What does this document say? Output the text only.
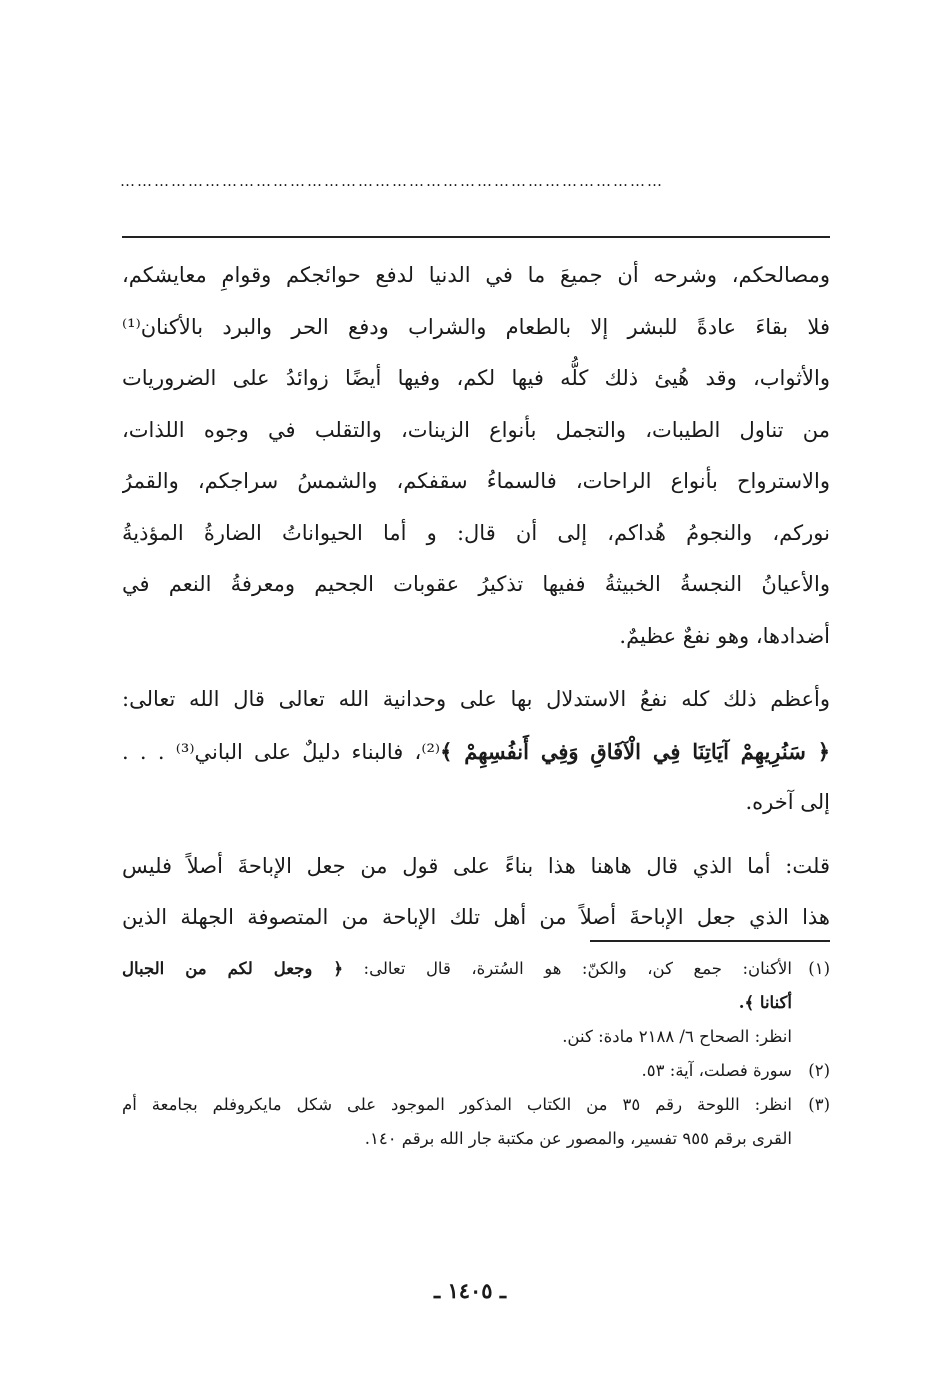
……………………………………………………………………………………
ومصالحكم، وشرحه أن جميعَ ما في الدنيا لدفع حوائجكم وقوامِ معايشكم،
فلا بقاءَ عادةً للبشر إلا بالطعام والشراب ودفع الحر والبرد بالأكنان⁽¹⁾
والأثواب، وقد هُيئ ذلك كلُّه فيها لكم، وفيها أيضًا زوائدُ على الضروريات
من تناول الطيبات، والتجمل بأنواع الزينات، والتقلب في وجوه اللذات،
والاسترواح بأنواع الراحات، فالسماءُ سقفكم، والشمسُ سراجكم، والقمرُ
نوركم، والنجومُ هُداكم، إلى أن قال: و أما الحيواناتُ الضارةُ المؤذيةُ
والأعيانُ النجسةُ الخبيثةُ ففيها تذكيرُ عقوبات الجحيم ومعرفةُ النعم في
أضدادها، وهو نفعٌ عظيمٌ.
وأعظم ذلك كله نفعُ الاستدلال بها على وحدانية الله تعالى قال الله تعالى:
﴿ سَنُرِيهِمْ آيَاتِنَا فِي الْآفَاقِ وَفِي أَنفُسِهِمْ ﴾⁽²⁾، فالبناء دليلٌ على الباني⁽³⁾ . . .
إلى آخره.
قلت: أما الذي قال هاهنا هذا بناءً على قول من جعل الإباحةَ أصلاً فليس
هذا الذي جعل الإباحةَ أصلاً من أهل تلك الإباحة من المتصوفة الجهلة الذين
(١)الأكنان: جمع كن، والكنّ: هو السُترة، قال تعالى: ﴿ وجعل لكم من الجبال
أكنانا ﴾.
انظر: الصحاح ٦/ ٢١٨٨ مادة: كنن.
(٢)سورة فصلت، آية: ٥٣.
(٣)انظر: اللوحة رقم ٣٥ من الكتاب المذكور الموجود على شكل مايكروفلم بجامعة أم
القرى برقم ٩٥٥ تفسير، والمصور عن مكتبة جار الله برقم ١٤٠.
ـ ١٤٠٥ ـ
